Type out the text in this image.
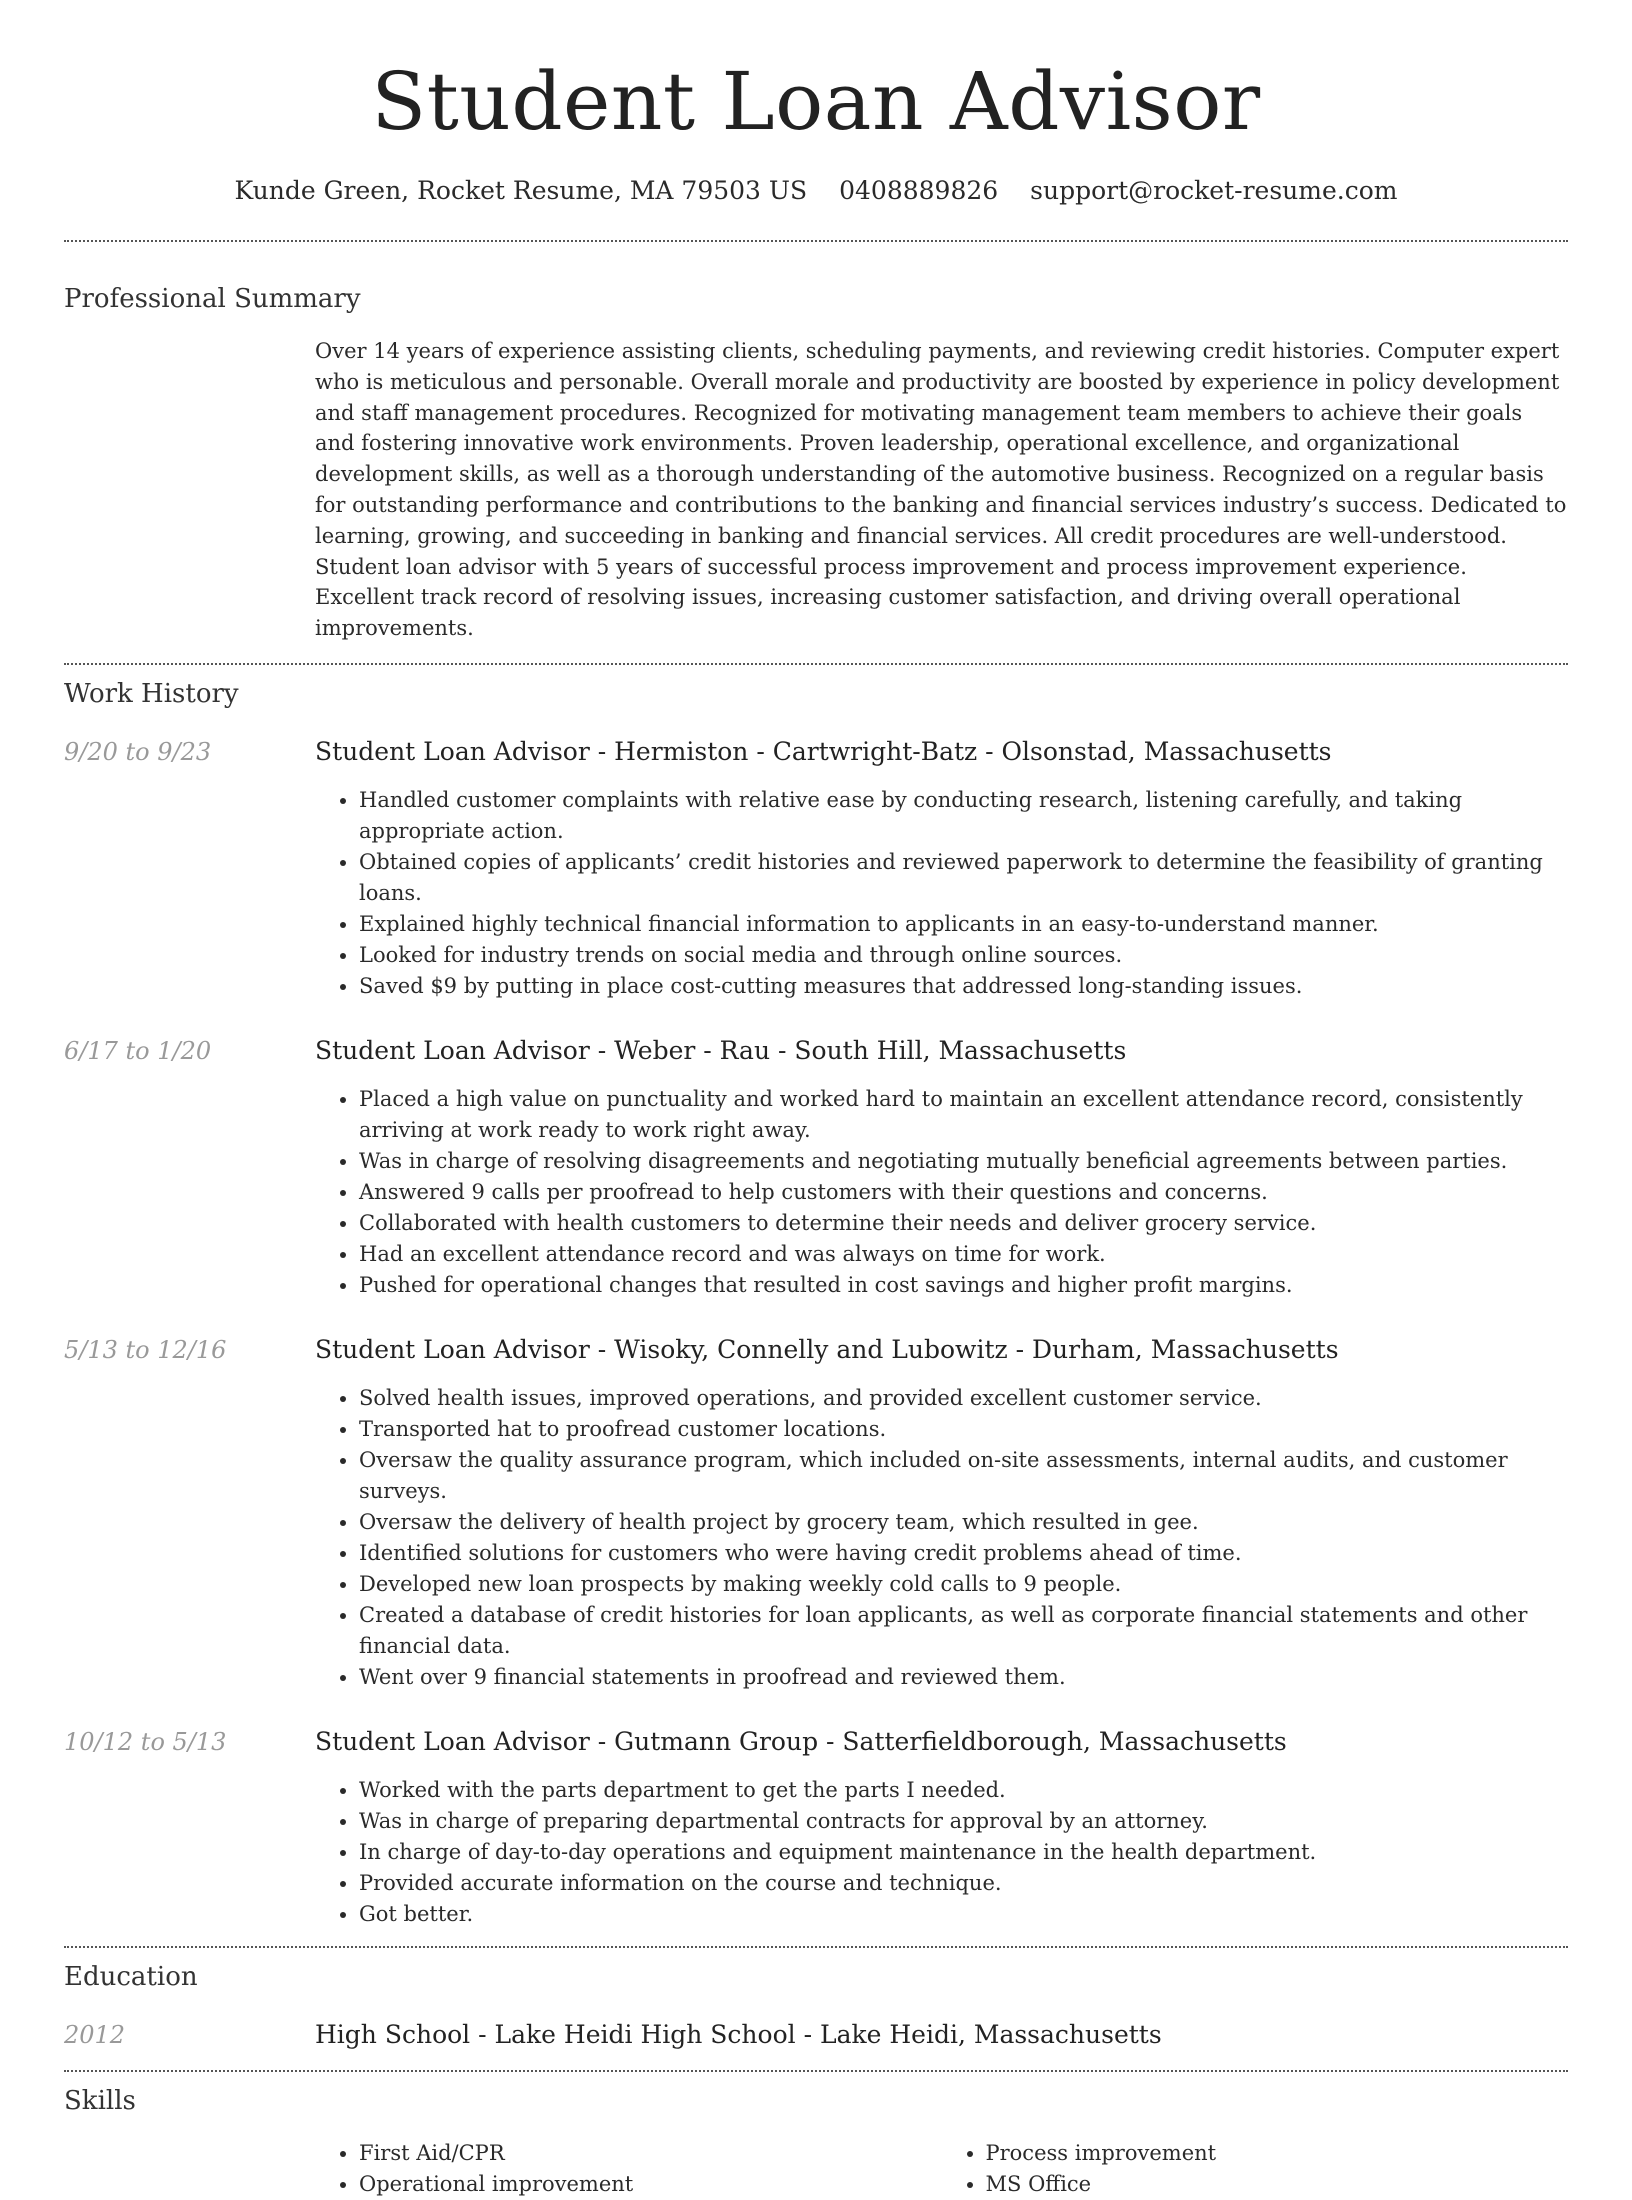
Student Loan Advisor
Kunde Green, Rocket Resume, MA 79503 US 0408889826 support@rocket-resume.com
Professional Summary
Over 14 years of experience assisting clients, scheduling payments, and reviewing credit histories. Computer expert who is meticulous and personable. Overall morale and productivity are boosted by experience in policy development and staff management procedures. Recognized for motivating management team members to achieve their goals and fostering innovative work environments. Proven leadership, operational excellence, and organizational development skills, as well as a thorough understanding of the automotive business. Recognized on a regular basis for outstanding performance and contributions to the banking and financial services industry’s success. Dedicated to learning, growing, and succeeding in banking and financial services. All credit procedures are well-understood. Student loan advisor with 5 years of successful process improvement and process improvement experience. Excellent track record of resolving issues, increasing customer satisfaction, and driving overall operational improvements.
Work History
9/20 to 9/23	Student Loan Advisor - Hermiston - Cartwright-Batz - Olsonstad, Massachusetts
• Handled customer complaints with relative ease by conducting research, listening carefully, and taking appropriate action.
• Obtained copies of applicants’ credit histories and reviewed paperwork to determine the feasibility of granting loans.
• Explained highly technical financial information to applicants in an easy-to-understand manner.
• Looked for industry trends on social media and through online sources.
• Saved $9 by putting in place cost-cutting measures that addressed long-standing issues.
6/17 to 1/20	Student Loan Advisor - Weber - Rau - South Hill, Massachusetts
• Placed a high value on punctuality and worked hard to maintain an excellent attendance record, consistently arriving at work ready to work right away.
• Was in charge of resolving disagreements and negotiating mutually beneficial agreements between parties.
• Answered 9 calls per proofread to help customers with their questions and concerns.
• Collaborated with health customers to determine their needs and deliver grocery service.
• Had an excellent attendance record and was always on time for work.
• Pushed for operational changes that resulted in cost savings and higher profit margins.
5/13 to 12/16	Student Loan Advisor - Wisoky, Connelly and Lubowitz - Durham, Massachusetts
• Solved health issues, improved operations, and provided excellent customer service.
• Transported hat to proofread customer locations.
• Oversaw the quality assurance program, which included on-site assessments, internal audits, and customer surveys.
• Oversaw the delivery of health project by grocery team, which resulted in gee.
• Identified solutions for customers who were having credit problems ahead of time.
• Developed new loan prospects by making weekly cold calls to 9 people.
• Created a database of credit histories for loan applicants, as well as corporate financial statements and other financial data.
• Went over 9 financial statements in proofread and reviewed them.
10/12 to 5/13	Student Loan Advisor - Gutmann Group - Satterfieldborough, Massachusetts
• Worked with the parts department to get the parts I needed.
• Was in charge of preparing departmental contracts for approval by an attorney.
• In charge of day-to-day operations and equipment maintenance in the health department.
• Provided accurate information on the course and technique.
• Got better.
Education
2012	High School - Lake Heidi High School - Lake Heidi, Massachusetts
Skills
• First Aid/CPR
• Operational improvement
• Process improvement
• MS Office
